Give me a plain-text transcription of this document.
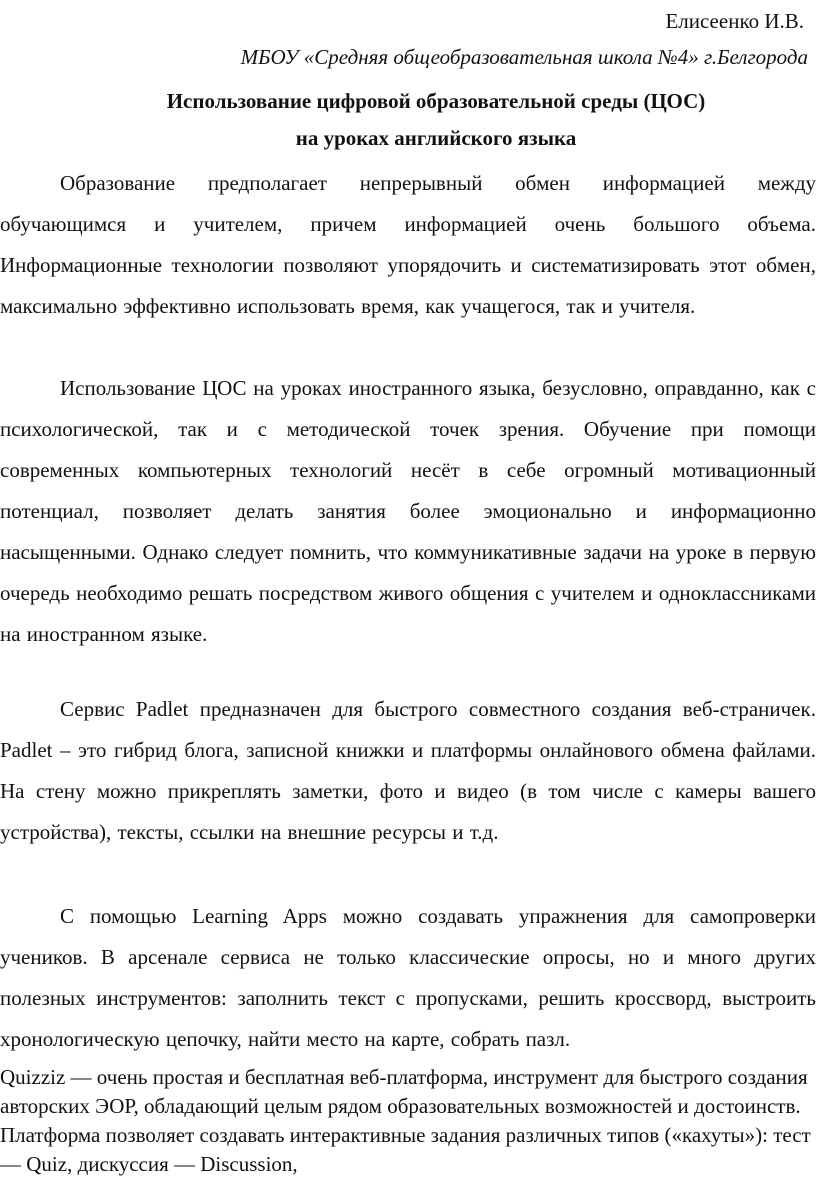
Елисеенко И.В.

МБОУ «Средняя общеобразовательная школа №4» г.Белгорода

Использование цифровой образовательной среды (ЦОС)

на уроках английского языка

Образование предполагает непрерывный обмен информацией между обучающимся и учителем, причем информацией очень большого объема. Информационные технологии позволяют упорядочить и систематизировать этот обмен, максимально эффективно использовать время, как учащегося, так и учителя.

Использование ЦОС на уроках иностранного языка, безусловно, оправданно, как с психологической, так и с методической точек зрения. Обучение при помощи современных компьютерных технологий несёт в себе огромный мотивационный потенциал, позволяет делать занятия более эмоционально и информационно насыщенными. Однако следует помнить, что коммуникативные задачи на уроке в первую очередь необходимо решать посредством живого общения с учителем и одноклассниками на иностранном языке.

Сервис Padlet предназначен для быстрого совместного создания веб-страничек. Padlet – это гибрид блога, записной книжки и платформы онлайнового обмена файлами. На стену можно прикреплять заметки, фото и видео (в том числе с камеры вашего устройства), тексты, ссылки на внешние ресурсы и т.д.

С помощью Learning Apps можно создавать упражнения для самопроверки учеников. В арсенале сервиса не только классические опросы, но и много других полезных инструментов: заполнить текст с пропусками, решить кроссворд, выстроить хронологическую цепочку, найти место на карте, собрать пазл.

Quizziz — очень простая и бесплатная веб-платформа, инструмент для быстрого создания авторских ЭОР, обладающий целым рядом образовательных возможностей и достоинств. Платформа позволяет создавать интерактивные задания различных типов («кахуты»): тест — Quiz, дискуссия — Discussion,
